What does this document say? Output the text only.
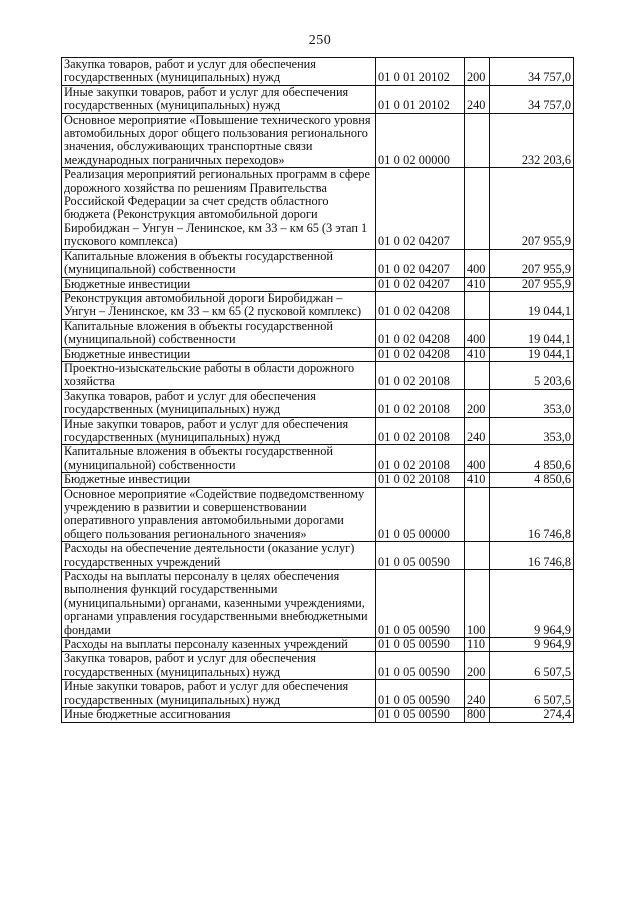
250
Закупка товаров, работ и услуг для обеспечения государственных (муниципальных) нужд	01 0 01 20102	200	34 757,0
Иные закупки товаров, работ и услуг для обеспечения государственных (муниципальных) нужд	01 0 01 20102	240	34 757,0
Основное мероприятие «Повышение технического уровня автомобильных дорог общего пользования регионального значения, обслуживающих транспортные связи международных пограничных переходов»	01 0 02 00000		232 203,6
Реализация мероприятий региональных программ в сфере дорожного хозяйства по решениям Правительства Российской Федерации за счет средств областного бюджета (Реконструкция автомобильной дороги Биробиджан – Унгун – Ленинское, км 33 – км 65 (3 этап 1 пускового комплекса)	01 0 02 04207		207 955,9
Капитальные вложения в объекты государственной (муниципальной) собственности	01 0 02 04207	400	207 955,9
Бюджетные инвестиции	01 0 02 04207	410	207 955,9
Реконструкция автомобильной дороги Биробиджан – Унгун – Ленинское, км 33 – км 65 (2 пусковой комплекс)	01 0 02 04208		19 044,1
Капитальные вложения в объекты государственной (муниципальной) собственности	01 0 02 04208	400	19 044,1
Бюджетные инвестиции	01 0 02 04208	410	19 044,1
Проектно-изыскательские работы в области дорожного хозяйства	01 0 02 20108		5 203,6
Закупка товаров, работ и услуг для обеспечения государственных (муниципальных) нужд	01 0 02 20108	200	353,0
Иные закупки товаров, работ и услуг для обеспечения государственных (муниципальных) нужд	01 0 02 20108	240	353,0
Капитальные вложения в объекты государственной (муниципальной) собственности	01 0 02 20108	400	4 850,6
Бюджетные инвестиции	01 0 02 20108	410	4 850,6
Основное мероприятие «Содействие подведомственному учреждению в развитии и совершенствовании оперативного управления автомобильными дорогами общего пользования регионального значения»	01 0 05 00000		16 746,8
Расходы на обеспечение деятельности (оказание услуг) государственных учреждений	01 0 05 00590		16 746,8
Расходы на выплаты персоналу в целях обеспечения выполнения функций государственными (муниципальными) органами, казенными учреждениями, органами управления государственными внебюджетными фондами	01 0 05 00590	100	9 964,9
Расходы на выплаты персоналу казенных учреждений	01 0 05 00590	110	9 964,9
Закупка товаров, работ и услуг для обеспечения государственных (муниципальных) нужд	01 0 05 00590	200	6 507,5
Иные закупки товаров, работ и услуг для обеспечения государственных (муниципальных) нужд	01 0 05 00590	240	6 507,5
Иные бюджетные ассигнования	01 0 05 00590	800	274,4
